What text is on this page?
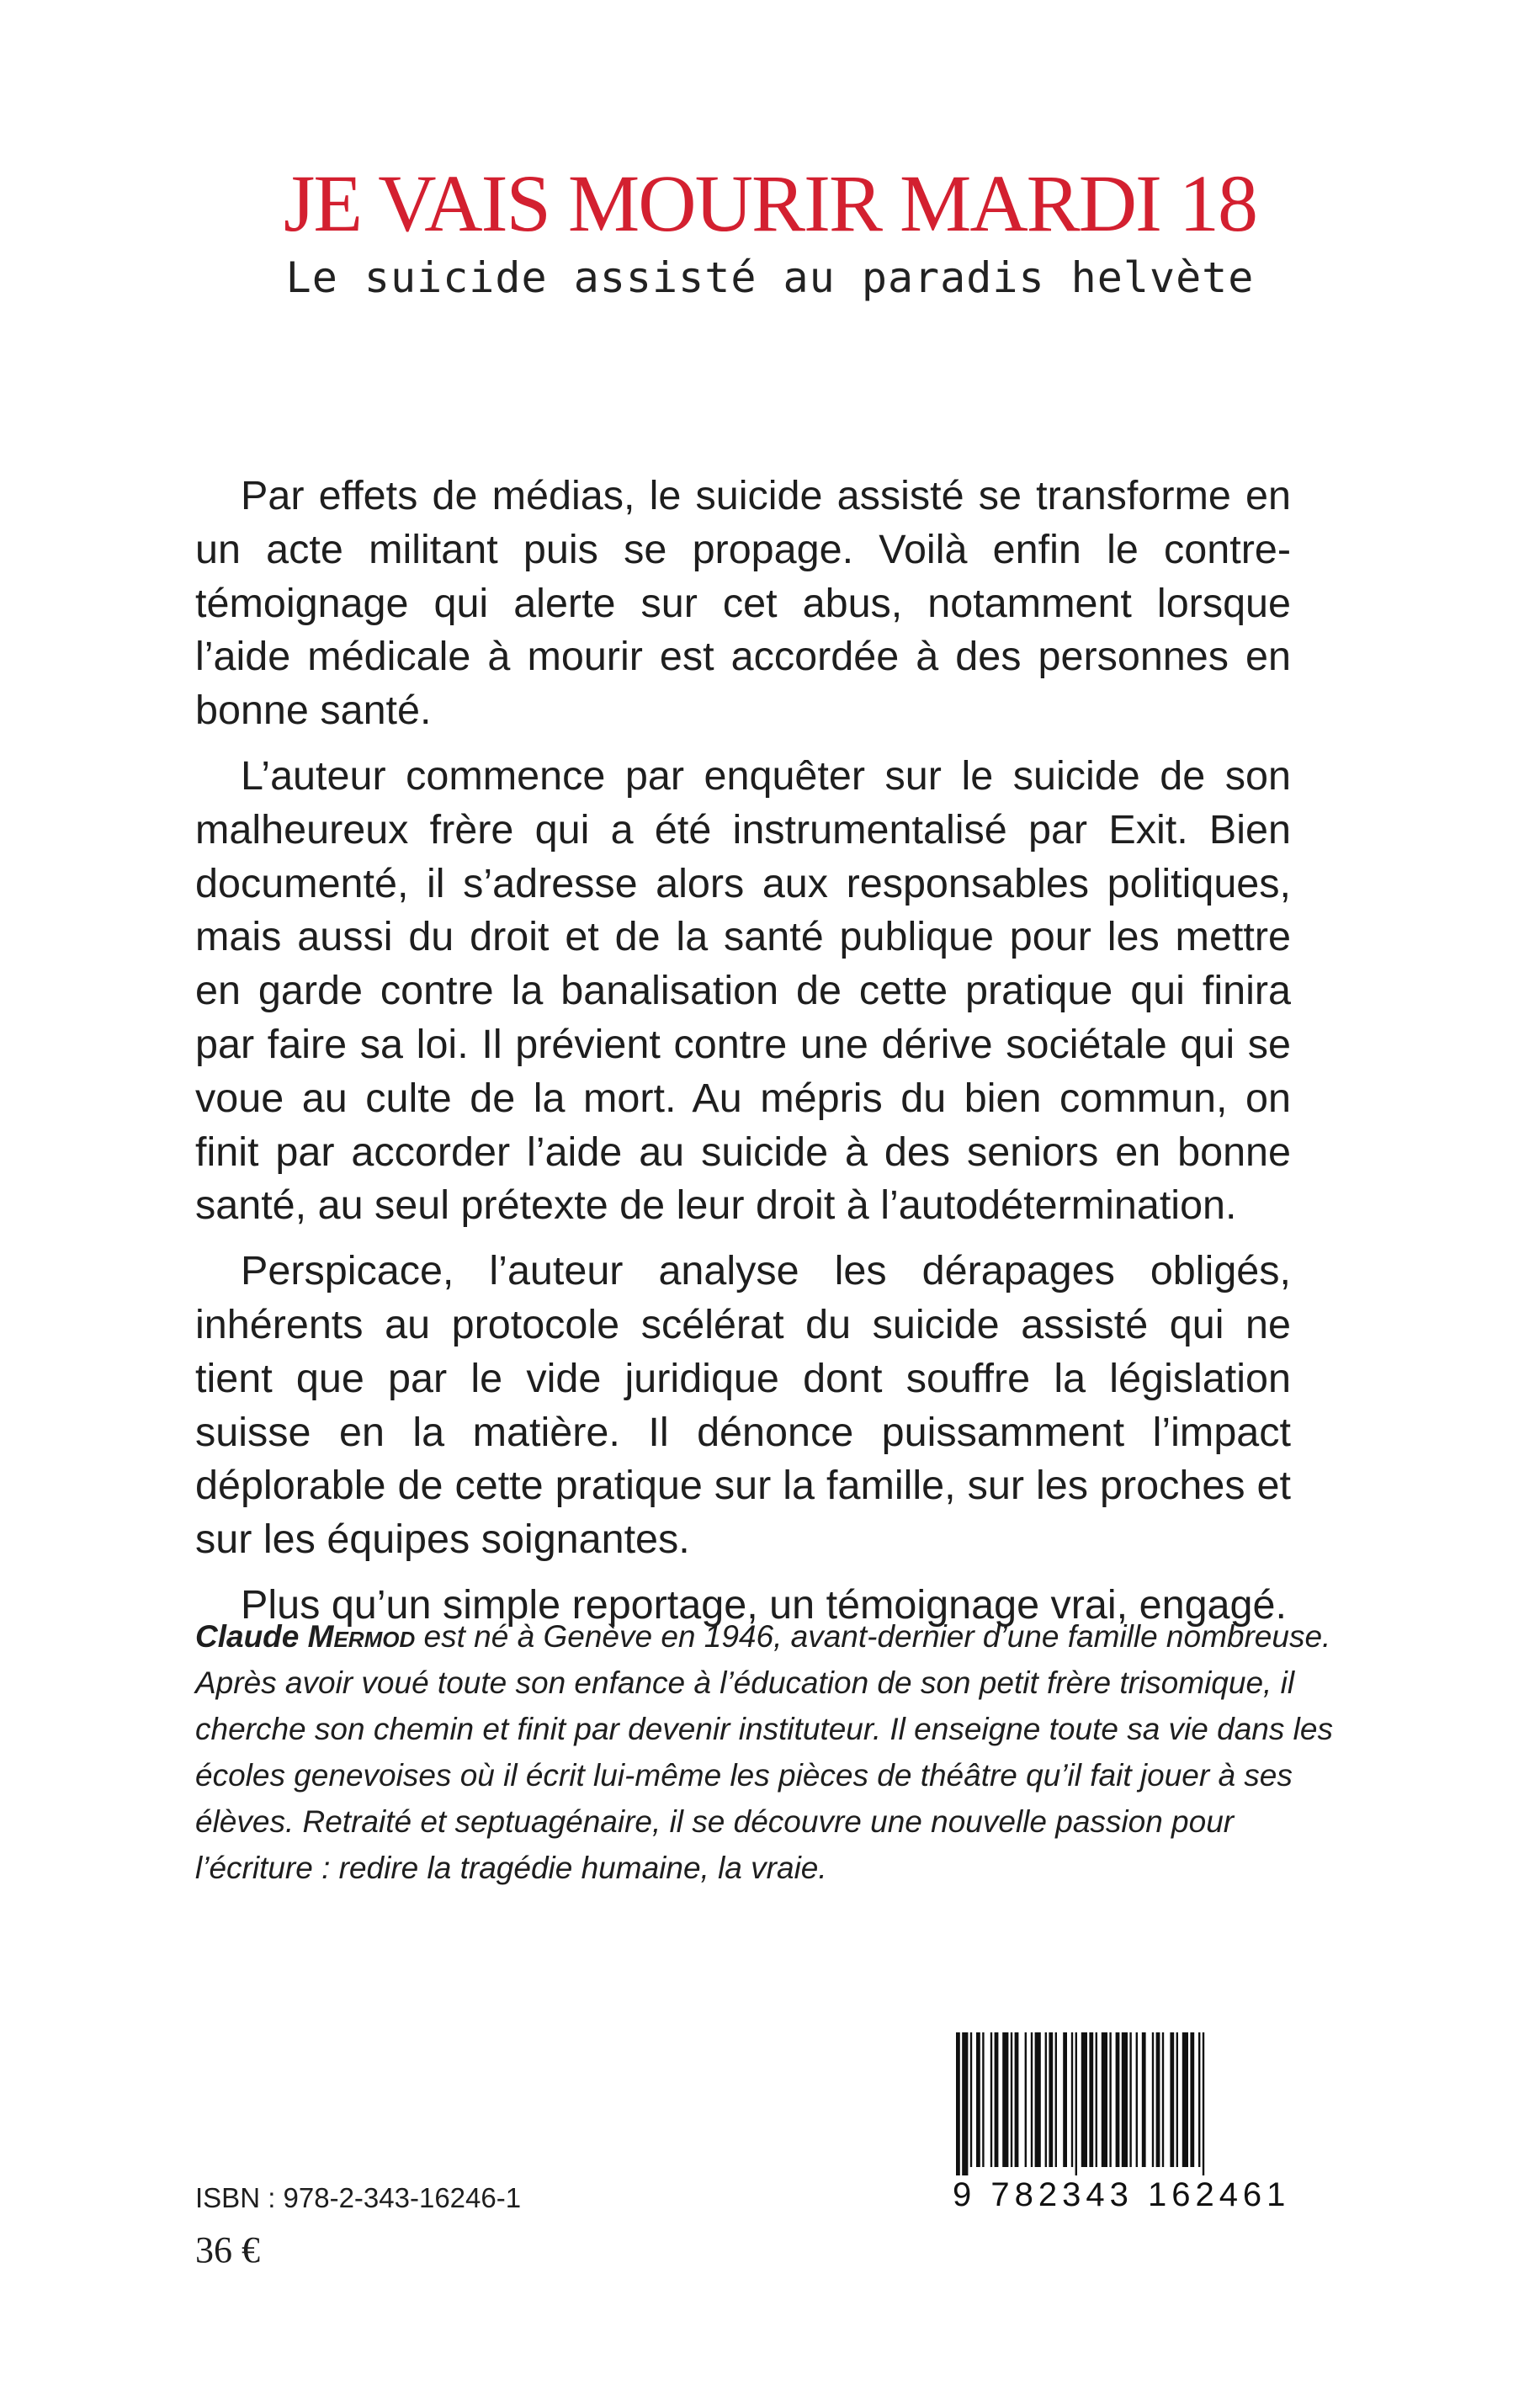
JE VAIS MOURIR MARDI 18
Le suicide assisté au paradis helvète

Par effets de médias, le suicide assisté se transforme en un acte militant puis se propage. Voilà enfin le contre-témoignage qui alerte sur cet abus, notamment lorsque l’aide médicale à mourir est accordée à des personnes en bonne santé.

L’auteur commence par enquêter sur le suicide de son malheureux frère qui a été instrumentalisé par Exit. Bien documenté, il s’adresse alors aux responsables politiques, mais aussi du droit et de la santé publique pour les mettre en garde contre la banalisation de cette pratique qui finira par faire sa loi. Il prévient contre une dérive sociétale qui se voue au culte de la mort. Au mépris du bien commun, on finit par accorder l’aide au suicide à des seniors en bonne santé, au seul prétexte de leur droit à l’autodétermination.

Perspicace, l’auteur analyse les dérapages obligés, inhérents au protocole scélérat du suicide assisté qui ne tient que par le vide juridique dont souffre la législation suisse en la matière. Il dénonce puissamment l’impact déplorable de cette pratique sur la famille, sur les proches et sur les équipes soignantes.

Plus qu’un simple reportage, un témoignage vrai, engagé.

Claude Mermod est né à Genève en 1946, avant-dernier d’une famille nombreuse. Après avoir voué toute son enfance à l’éducation de son petit frère trisomique, il cherche son chemin et finit par devenir instituteur. Il enseigne toute sa vie dans les écoles genevoises où il écrit lui-même les pièces de théâtre qu’il fait jouer à ses élèves. Retraité et septuagénaire, il se découvre une nouvelle passion pour l’écriture : redire la tragédie humaine, la vraie.
9 782343 162461
ISBN : 978-2-343-16246-1
36 €
